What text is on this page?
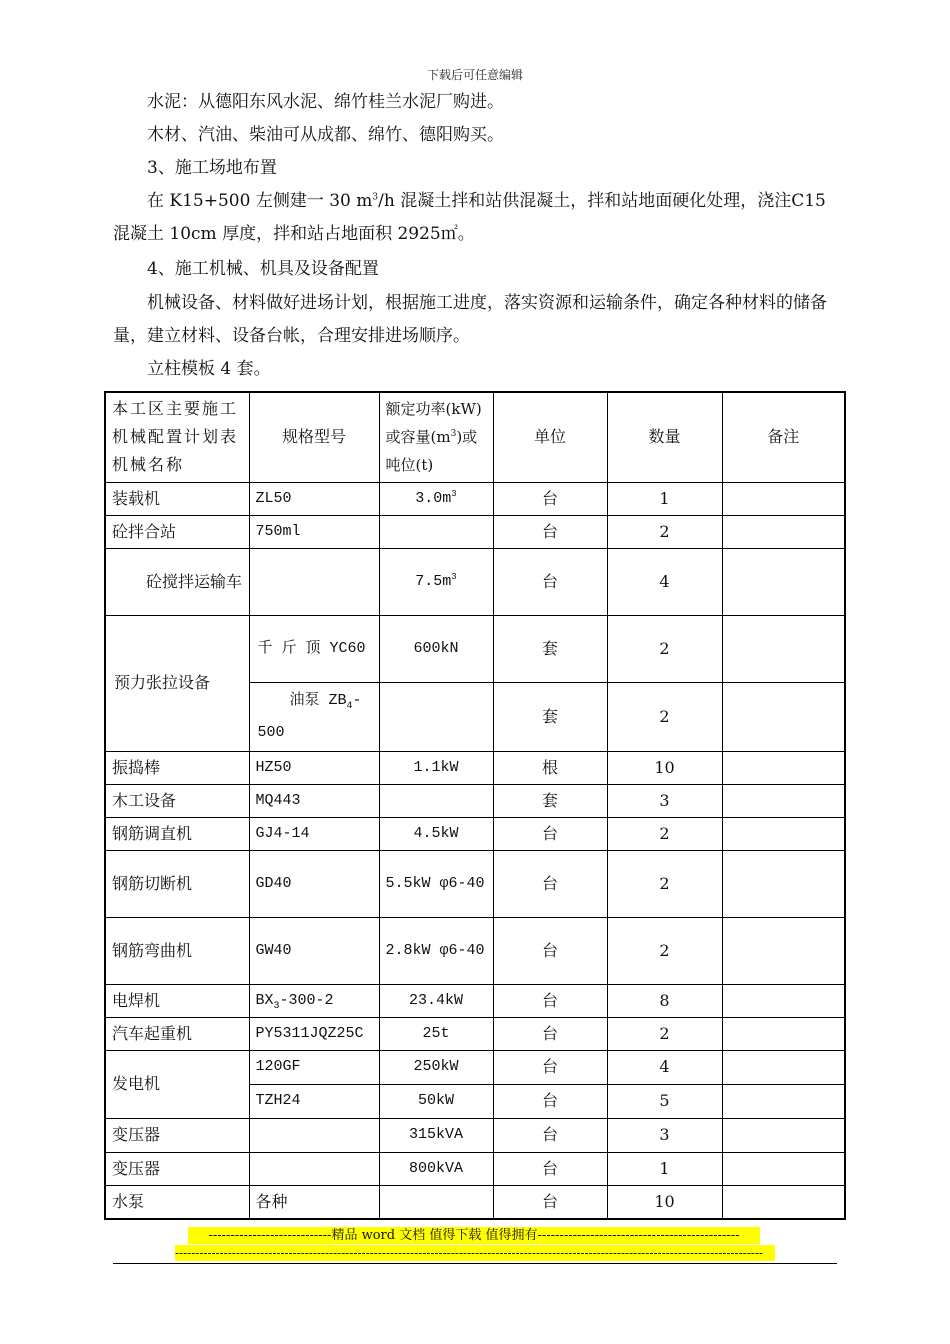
下载后可任意编辑
水泥：从德阳东风水泥、绵竹桂兰水泥厂购进。
木材、汽油、柴油可从成都、绵竹、德阳购买。
3、施工场地布置
在 K15+500 左侧建一 30 $m^3/h$ 混凝土拌和站供混凝土，拌和站地面硬化处理，浇注C15 混凝土 10cm 厚度，拌和站占地面积 2925㎡。
4、施工机械、机具及设备配置
机械设备、材料做好进场计划，根据施工进度，落实资源和运输条件，确定各种材料的储备量，建立材料、设备台帐，合理安排进场顺序。
立柱模板 4 套。
本工区主要施工机械配置计划表机械名称	规格型号	额定功率(kW)或容量$(m^3)$或吨位(t)	单位	数量	备注
装载机	ZL50	$3.0m^3$	台	1	
砼拌合站	750ml		台	2	
砼搅拌运输车		$7.5m^3$	台	4	
预力张拉设备	千 斤 顶 YC60	600kN	套	2	
	油泵 $ZB_4-500$		套	2	
振捣棒	HZ50	1.1kW	根	10	
木工设备	MQ443		套	3	
钢筋调直机	GJ4-14	4.5kW	台	2	
钢筋切断机	GD40	5.5kW φ6-40	台	2	
钢筋弯曲机	GW40	2.8kW φ6-40	台	2	
电焊机	$BX_3-300-2$	23.4kW	台	8	
汽车起重机	PY5311JQZ25C	25t	台	2	
发电机	120GF	250kW	台	4	
	TZH24	50kW	台	5	
变压器		315kVA	台	3	
变压器		800kVA	台	1	
水泵	各种		台	10	
----------------------------精品 word 文档 值得下载 值得拥有----------------------------------------------
-------------------------------------------------------------------------------------------------------------------------------------------------
